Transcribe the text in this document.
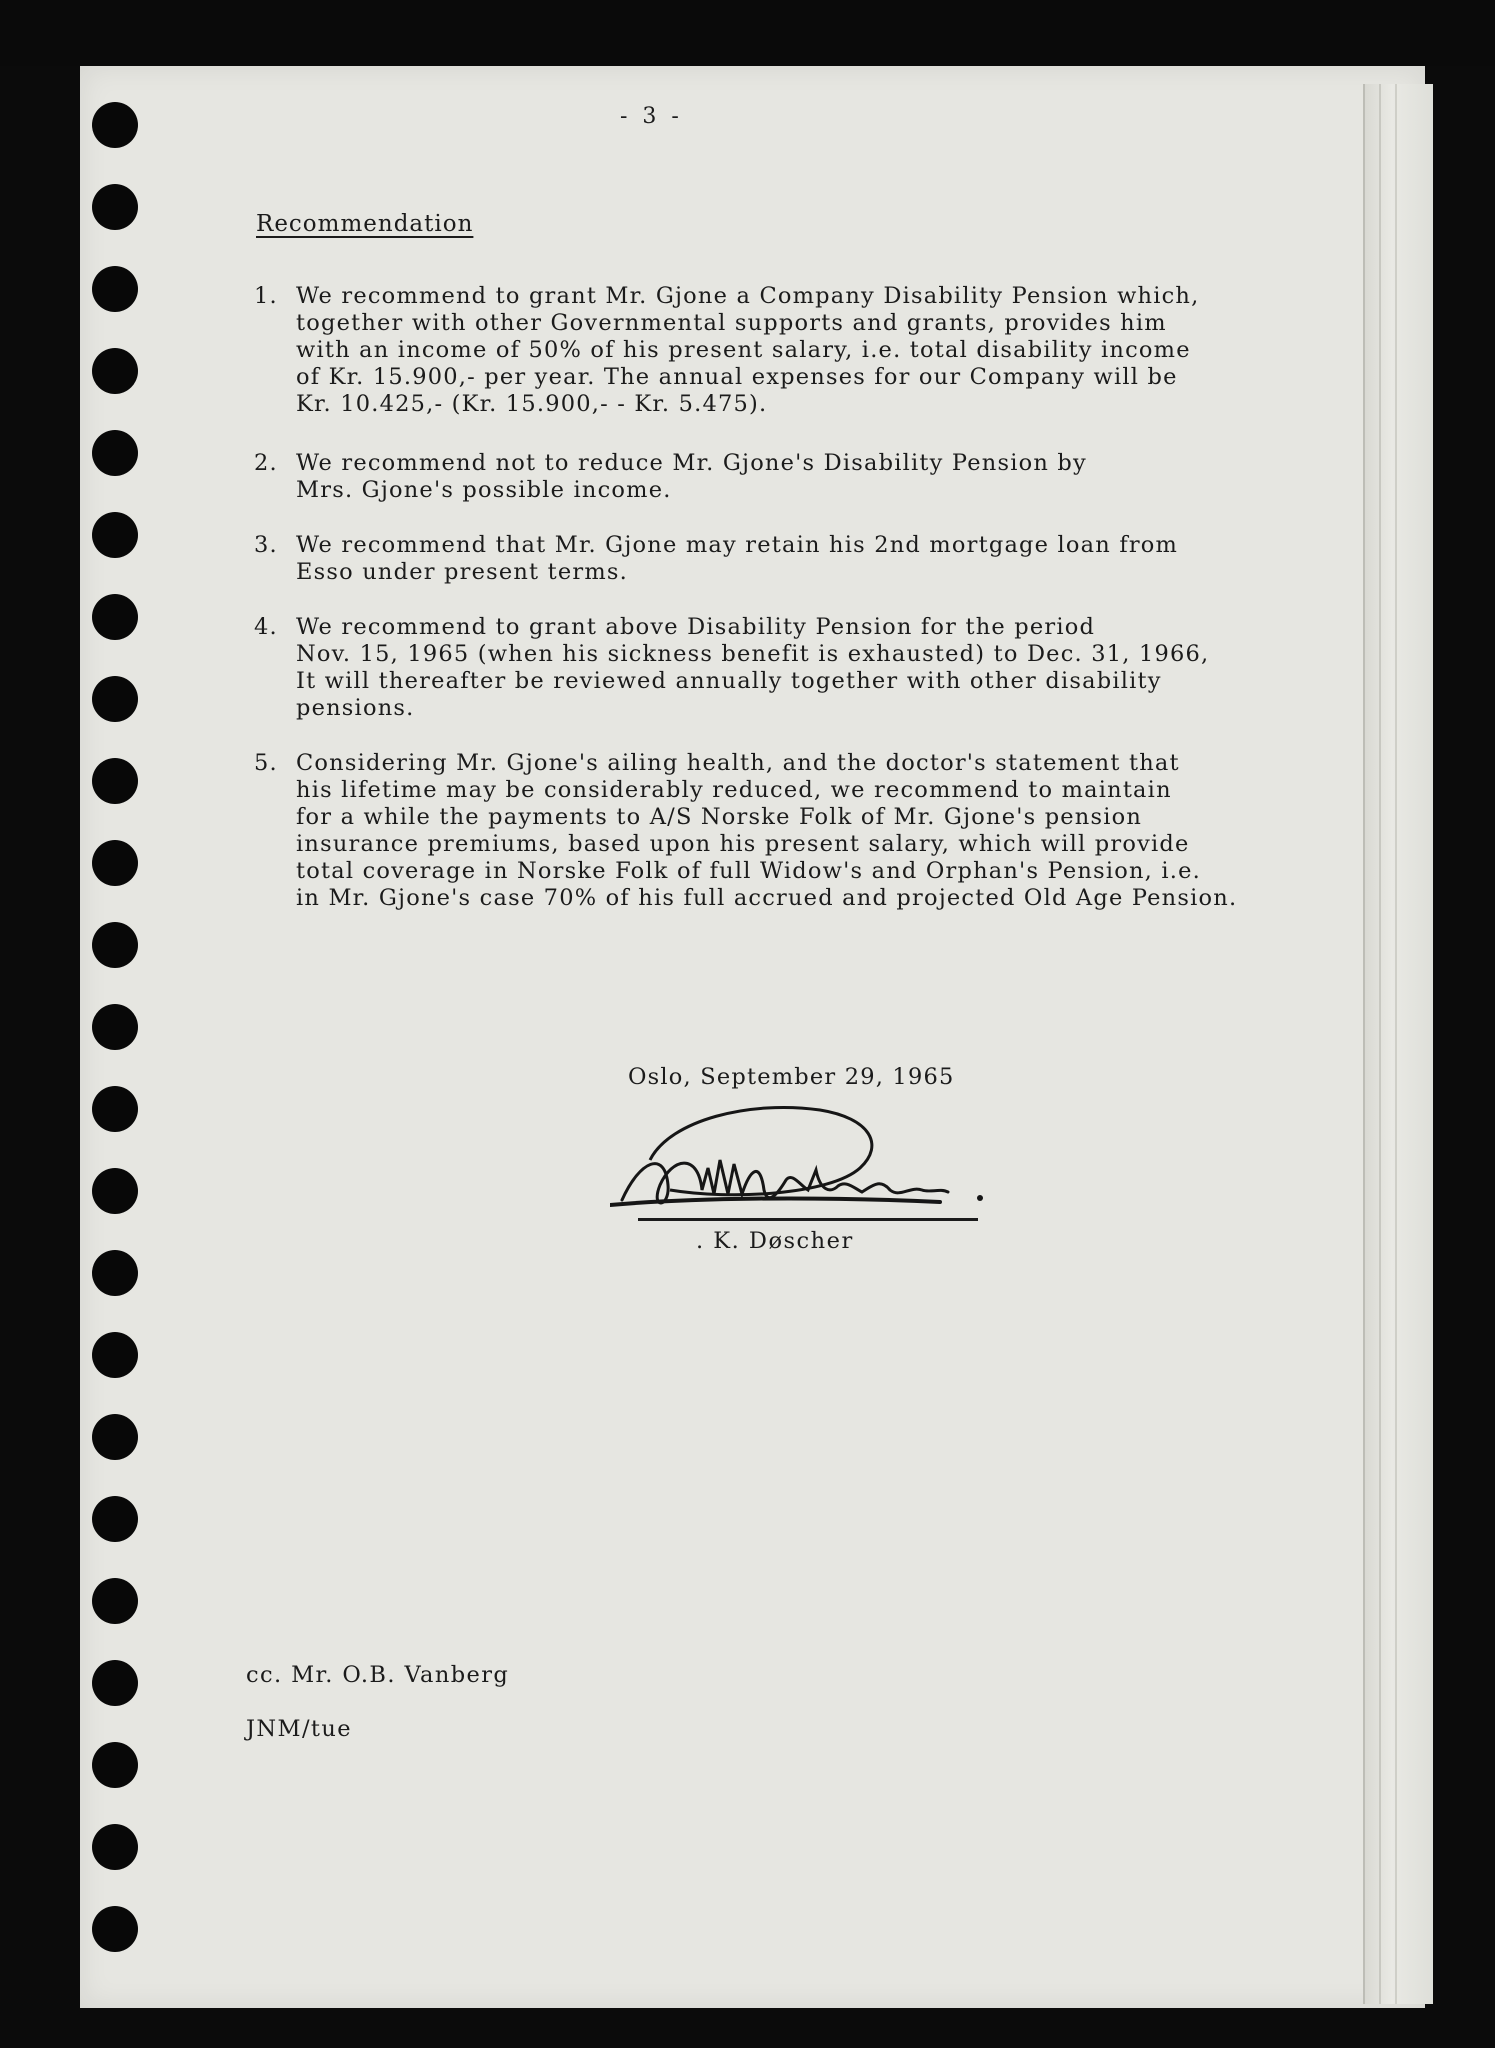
- 3 -
Recommendation
1. We recommend to grant Mr. Gjone a Company Disability Pension which,
together with other Governmental supports and grants, provides him
with an income of 50% of his present salary, i.e. total disability income
of Kr. 15.900,- per year. The annual expenses for our Company will be
Kr. 10.425,- (Kr. 15.900,- - Kr. 5.475).
2. We recommend not to reduce Mr. Gjone's Disability Pension by
Mrs. Gjone's possible income.
3. We recommend that Mr. Gjone may retain his 2nd mortgage loan from
Esso under present terms.
4. We recommend to grant above Disability Pension for the period
Nov. 15, 1965 (when his sickness benefit is exhausted) to Dec. 31, 1966,
It will thereafter be reviewed annually together with other disability
pensions.
5. Considering Mr. Gjone's ailing health, and the doctor's statement that
his lifetime may be considerably reduced, we recommend to maintain
for a while the payments to A/S Norske Folk of Mr. Gjone's pension
insurance premiums, based upon his present salary, which will provide
total coverage in Norske Folk of full Widow's and Orphan's Pension, i.e.
in Mr. Gjone's case 70% of his full accrued and projected Old Age Pension.
Oslo, September 29, 1965
. K. Døscher
cc. Mr. O.B. Vanberg
JNM/tue
